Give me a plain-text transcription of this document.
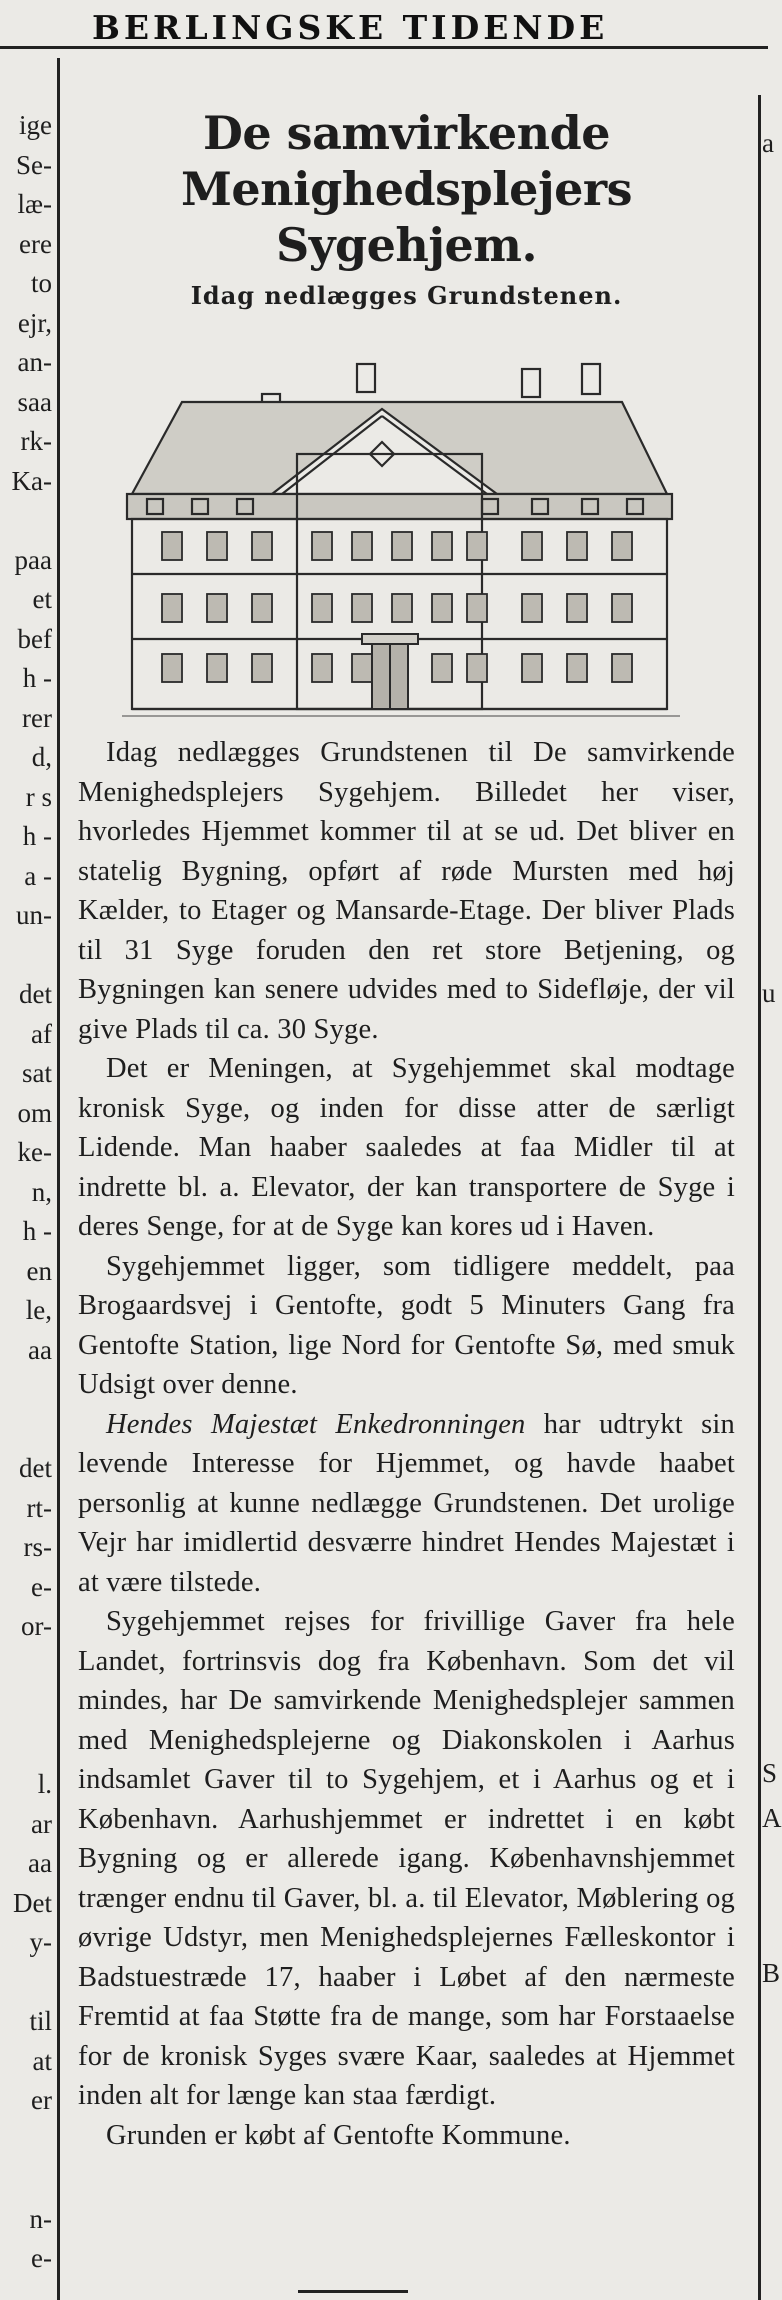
BERLINGSKE TIDENDE
ige
Se-
læ-
ere
to
ejr,
an-
saa
rk-
Ka-
paa
et
bef
h -
rer
d,
r s
h -
a -
un-
det
af
sat
om
ke-
n,
h -
en
le,
aa
det
rt-
rs-
e-
or-
l.
ar
aa
Det
y-
til
at
er
n-
e-
a
u
S
A
B
De samvirkende
Menighedsplejers Sygehjem.

Idag nedlægges Grundstenen.

Idag nedlægges Grundstenen til De samvirkende Menighedsplejers Sygehjem. Billedet her viser, hvorledes Hjemmet kommer til at se ud. Det bliver en statelig Bygning, opført af røde Mursten med høj Kælder, to Etager og Mansarde-Etage. Der bliver Plads til 31 Syge foruden den ret store Betjening, og Bygningen kan senere udvides med to Sidefløje, der vil give Plads til ca. 30 Syge.

Det er Meningen, at Sygehjemmet skal modtage kronisk Syge, og inden for disse atter de særligt Lidende. Man haaber saaledes at faa Midler til at indrette bl. a. Elevator, der kan transportere de Syge i deres Senge, for at de Syge kan kores ud i Haven.

Sygehjemmet ligger, som tidligere meddelt, paa Brogaardsvej i Gentofte, godt 5 Minuters Gang fra Gentofte Station, lige Nord for Gentofte Sø, med smuk Udsigt over denne.

Hendes Majestæt Enkedronningen har udtrykt sin levende Interesse for Hjemmet, og havde haabet personlig at kunne nedlægge Grundstenen. Det urolige Vejr har imidlertid desværre hindret Hendes Majestæt i at være tilstede.

Sygehjemmet rejses for frivillige Gaver fra hele Landet, fortrinsvis dog fra København. Som det vil mindes, har De samvirkende Menighedsplejer sammen med Menighedsplejerne og Diakonskolen i Aarhus indsamlet Gaver til to Sygehjem, et i Aarhus og et i København. Aarhushjemmet er indrettet i en købt Bygning og er allerede igang. Københavnshjemmet trænger endnu til Gaver, bl. a. til Elevator, Møblering og øvrige Udstyr, men Menighedsplejernes Fælleskontor i Badstuestræde 17, haaber i Løbet af den nærmeste Fremtid at faa Støtte fra de mange, som har Forstaaelse for de kronisk Syges svære Kaar, saaledes at Hjemmet inden alt for længe kan staa færdigt.

Grunden er købt af Gentofte Kommune.
